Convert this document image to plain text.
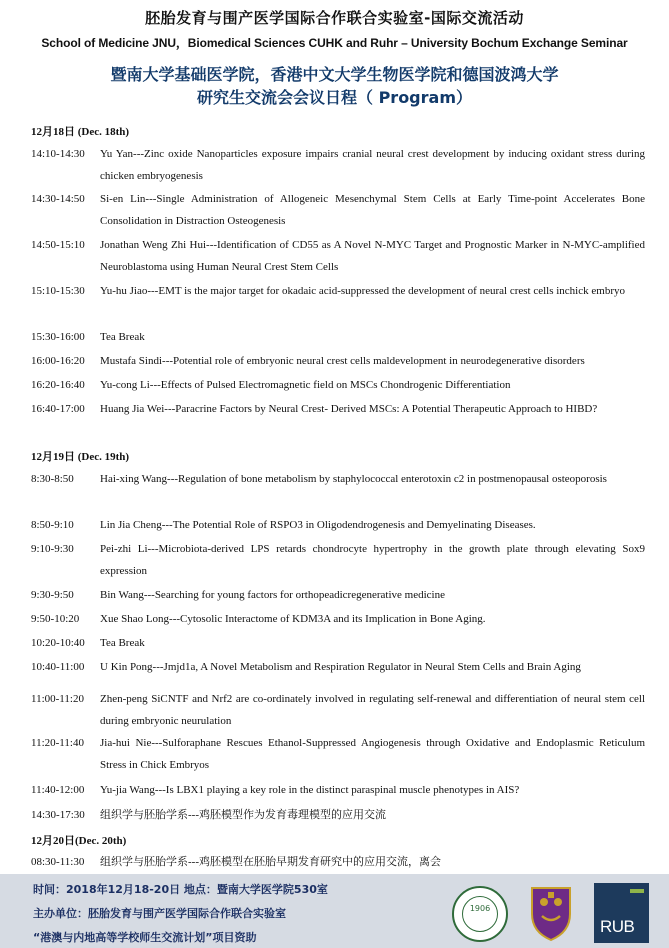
胚胎发育与围产医学国际合作联合实验室-国际交流活动
School of Medicine JNU，Biomedical Sciences CUHK and Ruhr – University Bochum Exchange Seminar
暨南大学基础医学院，香港中文大学生物医学院和德国波鸿大学
研究生交流会会议日程（ Program）
12月18日 (Dec. 18th)
14:10-14:30	Yu Yan---Zinc oxide Nanoparticles exposure impairs cranial neural crest development by inducing oxidant stress during chicken embryogenesis
14:30-14:50	Si-en Lin---Single Administration of Allogeneic Mesenchymal Stem Cells at Early Time-point Accelerates Bone Consolidation in Distraction Osteogenesis
14:50-15:10	Jonathan Weng Zhi Hui---Identification of CD55 as A Novel N-MYC Target and Prognostic Marker in N-MYC-amplified Neuroblastoma using Human Neural Crest Stem Cells
15:10-15:30	Yu-hu Jiao---EMT is the major target for okadaic acid-suppressed the development of neural crest cells inchick embryo
15:30-16:00	Tea Break
16:00-16:20	Mustafa Sindi---Potential role of embryonic neural crest cells maldevelopment in neurodegenerative disorders
16:20-16:40	Yu-cong Li---Effects of Pulsed Electromagnetic field on MSCs Chondrogenic Differentiation
16:40-17:00	Huang Jia Wei---Paracrine Factors by Neural Crest- Derived MSCs: A Potential Therapeutic Approach to HIBD?
12月19日 (Dec. 19th)
8:30-8:50	Hai-xing Wang---Regulation of bone metabolism by staphylococcal enterotoxin c2 in postmenopausal osteoporosis
8:50-9:10	Lin Jia Cheng---The Potential Role of RSPO3 in Oligodendrogenesis and Demyelinating Diseases.
9:10-9:30	Pei-zhi Li---Microbiota-derived LPS retards chondrocyte hypertrophy in the growth plate through elevating Sox9 expression
9:30-9:50	Bin Wang---Searching for young factors for orthopeadicregenerative medicine
9:50-10:20	Xue Shao Long---Cytosolic Interactome of KDM3A and its Implication in Bone Aging.
10:20-10:40	Tea Break
10:40-11:00	U Kin Pong---Jmjd1a, A Novel Metabolism and Respiration Regulator in Neural Stem Cells and Brain Aging
11:00-11:20	Zhen-peng SiCNTF and Nrf2 are co-ordinately involved in regulating self-renewal and differentiation of neural stem cell during embryonic neurulation
11:20-11:40	Jia-hui Nie---Sulforaphane Rescues Ethanol-Suppressed Angiogenesis through Oxidative and Endoplasmic Reticulum Stress in Chick Embryos
11:40-12:00	Yu-jia Wang---Is LBX1 playing a key role in the distinct paraspinal muscle phenotypes in AIS?
14:30-17:30	组织学与胚胎学系---鸡胚模型作为发育毒理模型的应用交流
12月20日(Dec. 20th)
08:30-11:30	组织学与胚胎学系---鸡胚模型在胚胎早期发育研究中的应用交流，离会
时间：2018年12月18-20日 地点：暨南大学医学院530室
主办单位：胚胎发育与围产医学国际合作联合实验室
“港澳与内地高等学校师生交流计划”项目资助
1906
RUB
